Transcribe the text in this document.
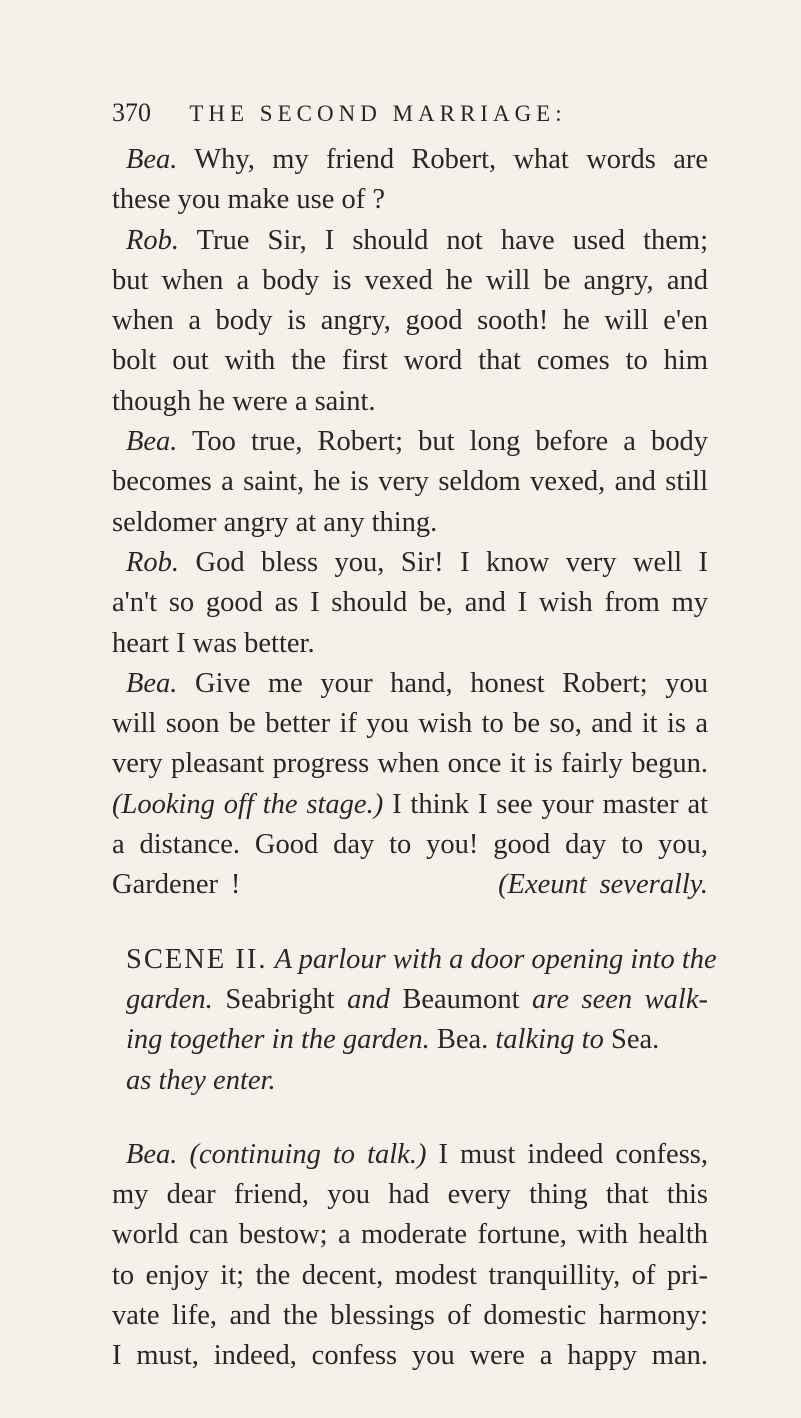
370 THE SECOND MARRIAGE:
Bea. Why, my friend Robert, what words are
these you make use of ?
Rob. True Sir, I should not have used them;
but when a body is vexed he will be angry, and
when a body is angry, good sooth! he will e'en
bolt out with the first word that comes to him
though he were a saint.
Bea. Too true, Robert; but long before a body
becomes a saint, he is very seldom vexed, and still
seldomer angry at any thing.
Rob. God bless you, Sir! I know very well I
a'n't so good as I should be, and I wish from my
heart I was better.
Bea. Give me your hand, honest Robert; you
will soon be better if you wish to be so, and it is a
very pleasant progress when once it is fairly begun.
(Looking off the stage.) I think I see your master at
a distance. Good day to you! good day to you,
Gardener !	(Exeunt severally.
SCENE II. A parlour with a door opening into the
garden. Seabright and Beaumont are seen walk-
ing together in the garden. Bea. talking to Sea.
as they enter.
Bea. (continuing to talk.) I must indeed confess,
my dear friend, you had every thing that this
world can bestow; a moderate fortune, with health
to enjoy it; the decent, modest tranquillity, of pri-
vate life, and the blessings of domestic harmony:
I must, indeed, confess you were a happy man.
